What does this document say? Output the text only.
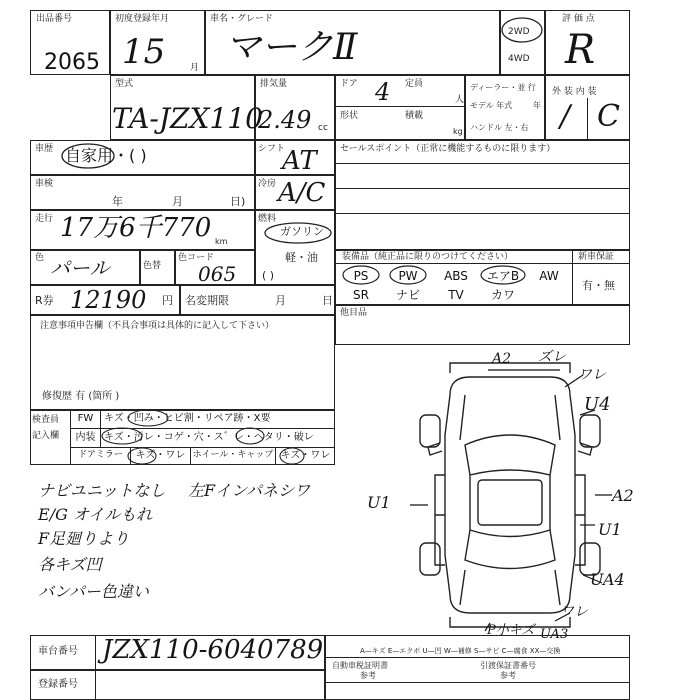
出品番号
2065
初度登録年月
15	月
車名・グレード
マークⅡ	2WD
4WD
評 価 点
R
型式
TA-JZX110
排気量
2.49 cc
ドア 4 定員
人
形状	積載
kg
ディーラー・並 行
モデル 年式	年
ハンドル 左・右
外 装 内 装
/ C
車歴 自家用・( )	シフト
AT
車検
年	月	日)
冷房 A/C
走行 17万6千770 km
燃料
ガソリン
軽・油
( )
色 パール	色替
色コード
065
R券 12190 円 名変期限	月	日
注意事項申告欄（不具合事項は具体的に記入して下さい）
修復歴 有 (箇所 )
検査員
記入欄
FW	キズ・凹み・ヒビ割・リペア跡・X要
内装 キズ・汚レ・コゲ・穴・ス゛レ・ヘタリ・破レ
ドアミラー	キズ・ワレ ホイール・キャップ キズ・ワレ
ナビユニットなし
E/G オイルもれ
F足廻りより
各キズ凹
バンパー色違い
左Fインパネシワ
セールスポイント（正常に機能するものに限ります）
装備品（純正品に限りのつけてください）	新車保証
有・無
PS	PW	ABS	エアB	AW
SR	ナビ	TV	カワ
他目品
A2 ズレ
ワレ
U4
U1	A2
U1
UA4
P小キズ UA3
ワレ
車台番号 JZX110-6040789
登録番号
A—キズ E—エクボ U—凹 W—補修 S—サビ C—腐食 XX—交換
自動車税証明書	引渡保証書番号
参考	参考
